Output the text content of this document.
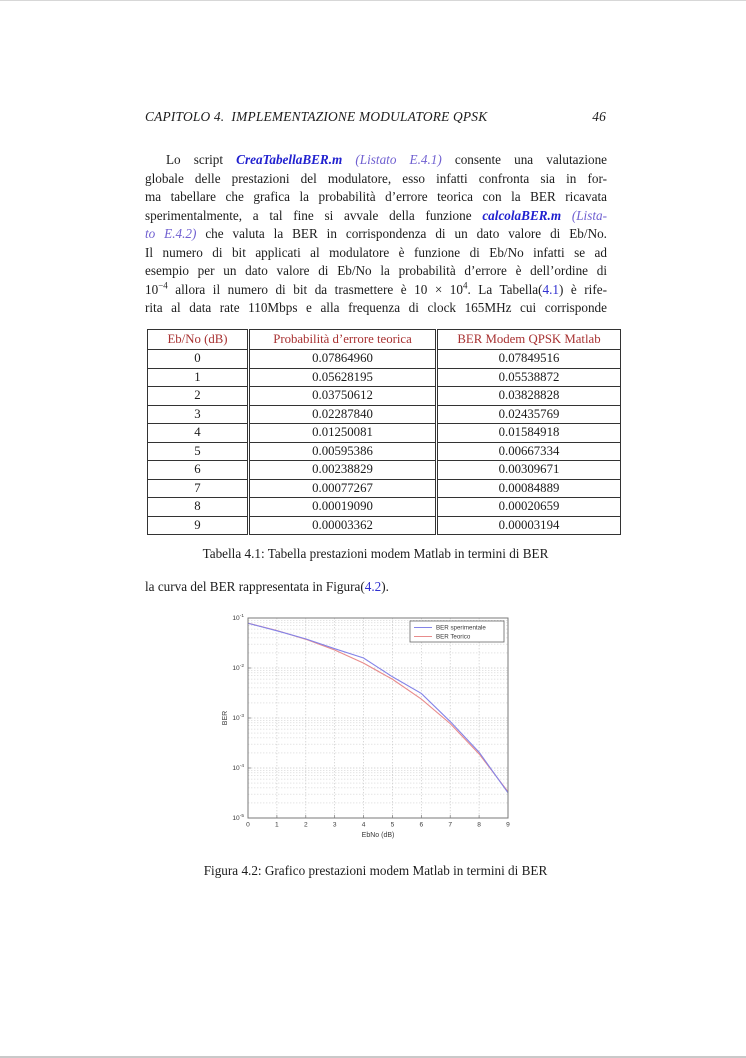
CAPITOLO 4.  IMPLEMENTAZIONE MODULATORE QPSK	46
Lo script CreaTabellaBER.m (Listato E.4.1) consente una valutazione
globale delle prestazioni del modulatore, esso infatti confronta sia in for-
ma tabellare che grafica la probabilità d’errore teorica con la BER ricavata
sperimentalmente, a tal fine si avvale della funzione calcolaBER.m (Lista-
to E.4.2) che valuta la BER in corrispondenza di un dato valore di Eb/No.
Il numero di bit applicati al modulatore è funzione di Eb/No infatti se ad
esempio per un dato valore di Eb/No la probabilità d’errore è dell’ordine di
$10^{-4}$ allora il numero di bit da trasmettere è $10 \times 10^4$. La Tabella(4.1) è rife-
rita al data rate 110Mbps e alla frequenza di clock 165MHz cui corrisponde
Eb/No (dB)	Probabilità d’errore teorica	BER Modem QPSK Matlab
0	0.07864960	0.07849516
1	0.05628195	0.05538872
2	0.03750612	0.03828828
3	0.02287840	0.02435769
4	0.01250081	0.01584918
5	0.00595386	0.00667334
6	0.00238829	0.00309671
7	0.00077267	0.00084889
8	0.00019090	0.00020659
9	0.00003362	0.00003194
Tabella 4.1: Tabella prestazioni modem Matlab in termini di BER
la curva del BER rappresentata in Figura(4.2).
0	1	2	3	4	5	6	7	8	9
$10^{-1}$
$10^{-2}$
$10^{-3}$
$10^{-4}$
$10^{-5}$
EbNo (dB)
BER
BER sperimentale
BER Teorico
Figura 4.2: Grafico prestazioni modem Matlab in termini di BER
